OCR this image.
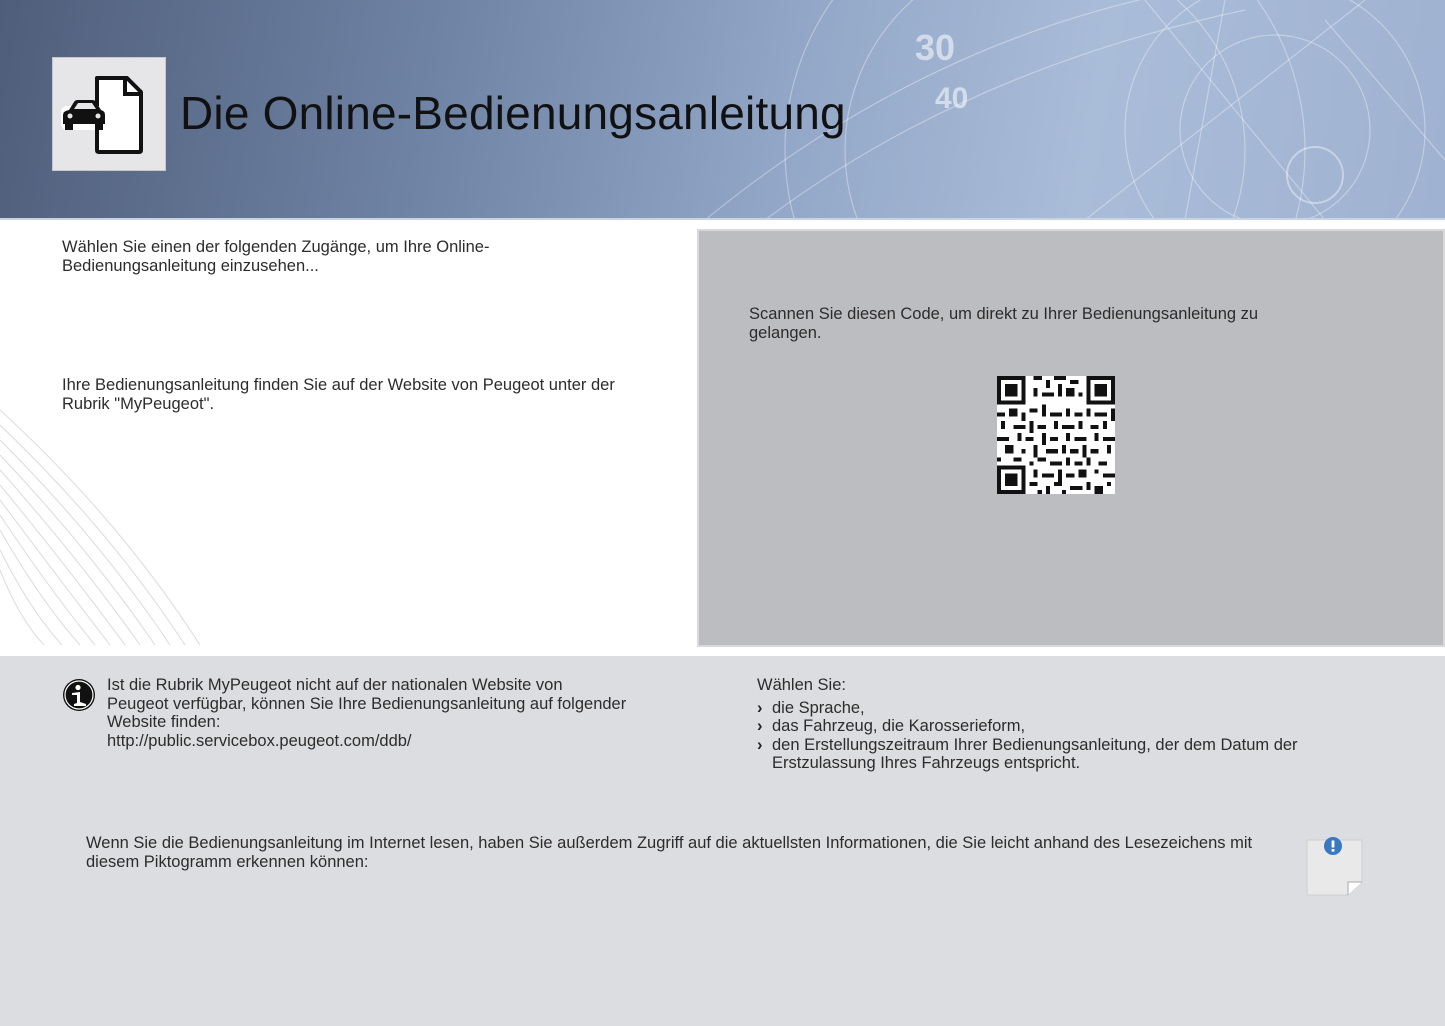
30
40
Die Online-Bedienungsanleitung
Wählen Sie einen der folgenden Zugänge, um Ihre Online-Bedienungsanleitung einzusehen...
Ihre Bedienungsanleitung finden Sie auf der Website von Peugeot unter der Rubrik "MyPeugeot".
Scannen Sie diesen Code, um direkt zu Ihrer Bedienungsanleitung zu gelangen.
Ist die Rubrik MyPeugeot nicht auf der nationalen Website von Peugeot verfügbar, können Sie Ihre Bedienungsanleitung auf folgender Website finden:
http://public.servicebox.peugeot.com/ddb/
Wählen Sie:
› die Sprache,
› das Fahrzeug, die Karosserieform,
› den Erstellungszeitraum Ihrer Bedienungsanleitung, der dem Datum der Erstzulassung Ihres Fahrzeugs entspricht.
Wenn Sie die Bedienungsanleitung im Internet lesen, haben Sie außerdem Zugriff auf die aktuellsten Informationen, die Sie leicht anhand des Lesezeichens mit diesem Piktogramm erkennen können:
